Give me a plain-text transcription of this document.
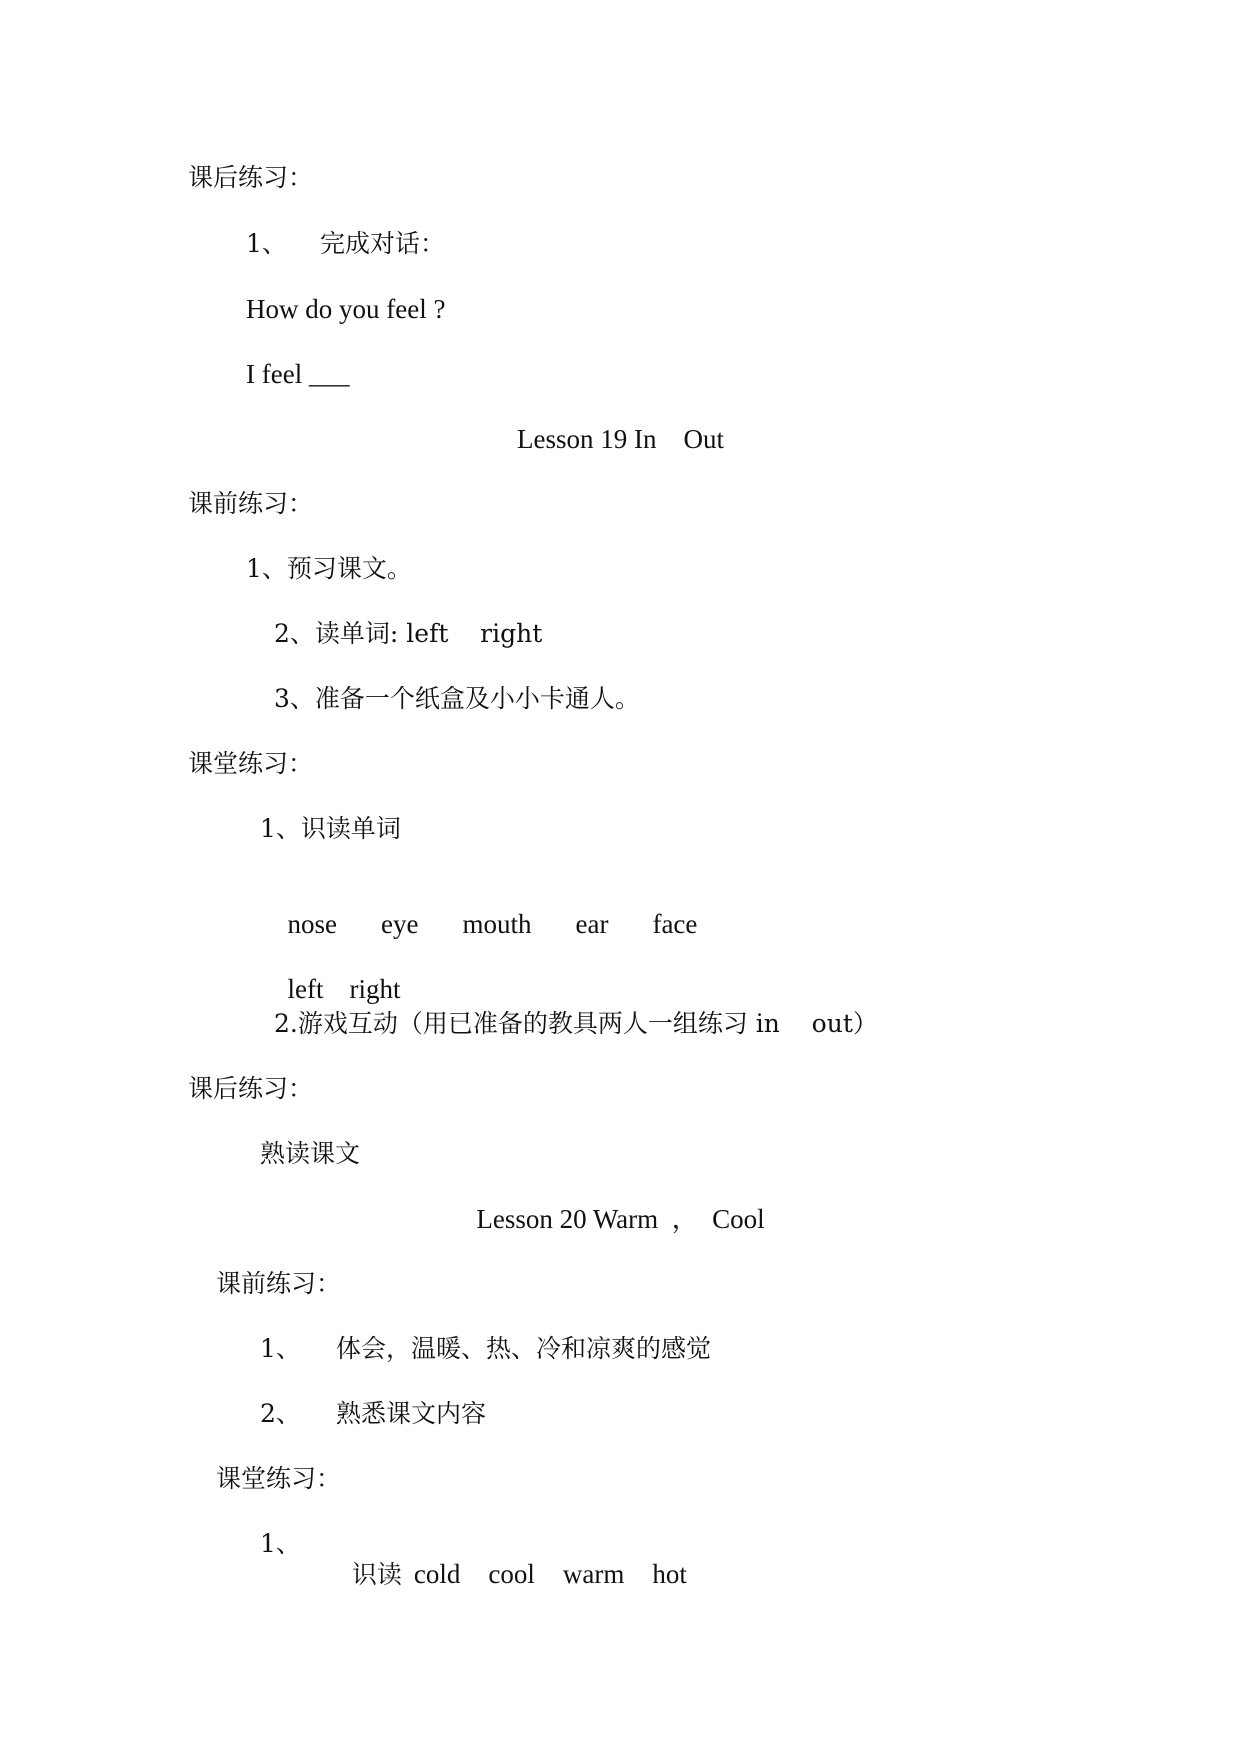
课后练习：

1、 完成对话：

How do you feel ?

I feel ___

Lesson 19 In    Out

课前练习：

1、预习课文。

2、读单词: left    right

3、准备一个纸盒及小小卡通人。

课堂练习：

1、识读单词

nose eye mouth ear face

left right

2.游戏互动（用已准备的教具两人一组练习 in    out）

课后练习：

熟读课文

Lesson 20 Warm  ，  Cool

课前练习：

1、 体会，温暖、热、冷和凉爽的感觉

2、 熟悉课文内容

课堂练习：

1、

识读 cold cool warm hot
